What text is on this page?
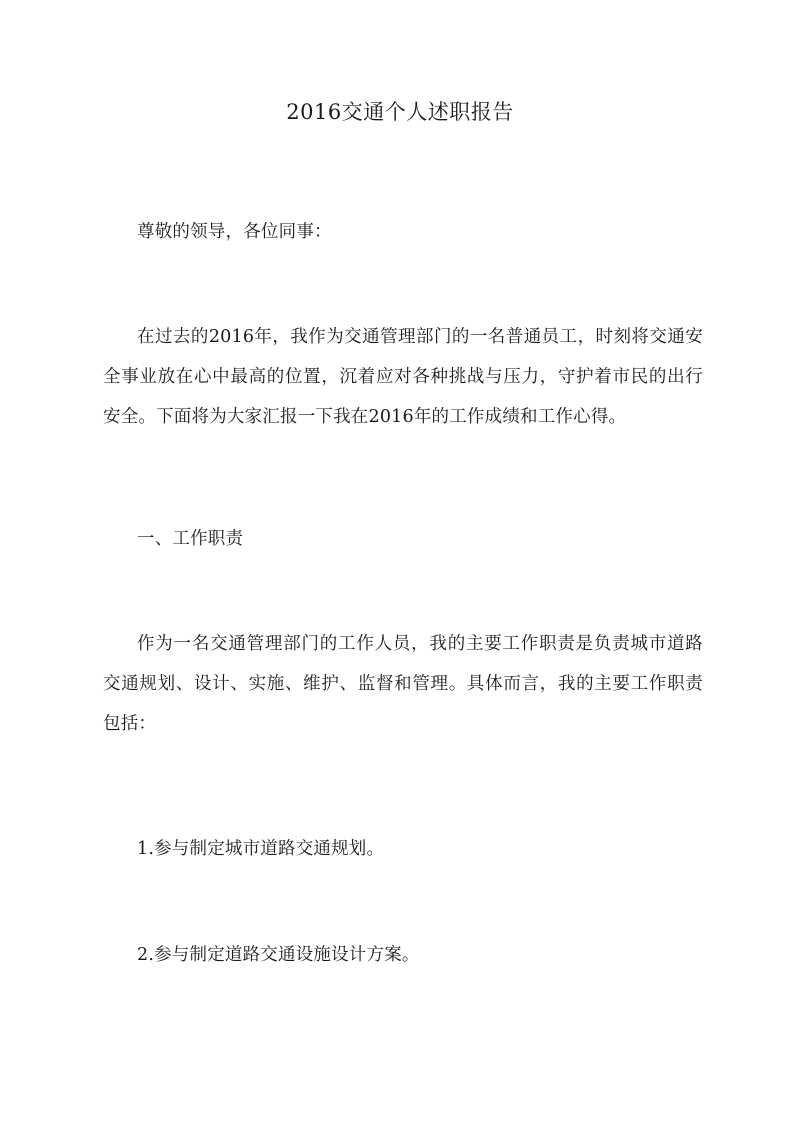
2016交通个人述职报告

尊敬的领导，各位同事：

在过去的2016年，我作为交通管理部门的一名普通员工，时刻将交通安全事业放在心中最高的位置，沉着应对各种挑战与压力，守护着市民的出行安全。下面将为大家汇报一下我在2016年的工作成绩和工作心得。

一、工作职责

作为一名交通管理部门的工作人员，我的主要工作职责是负责城市道路交通规划、设计、实施、维护、监督和管理。具体而言，我的主要工作职责包括：

1.参与制定城市道路交通规划。

2.参与制定道路交通设施设计方案。
